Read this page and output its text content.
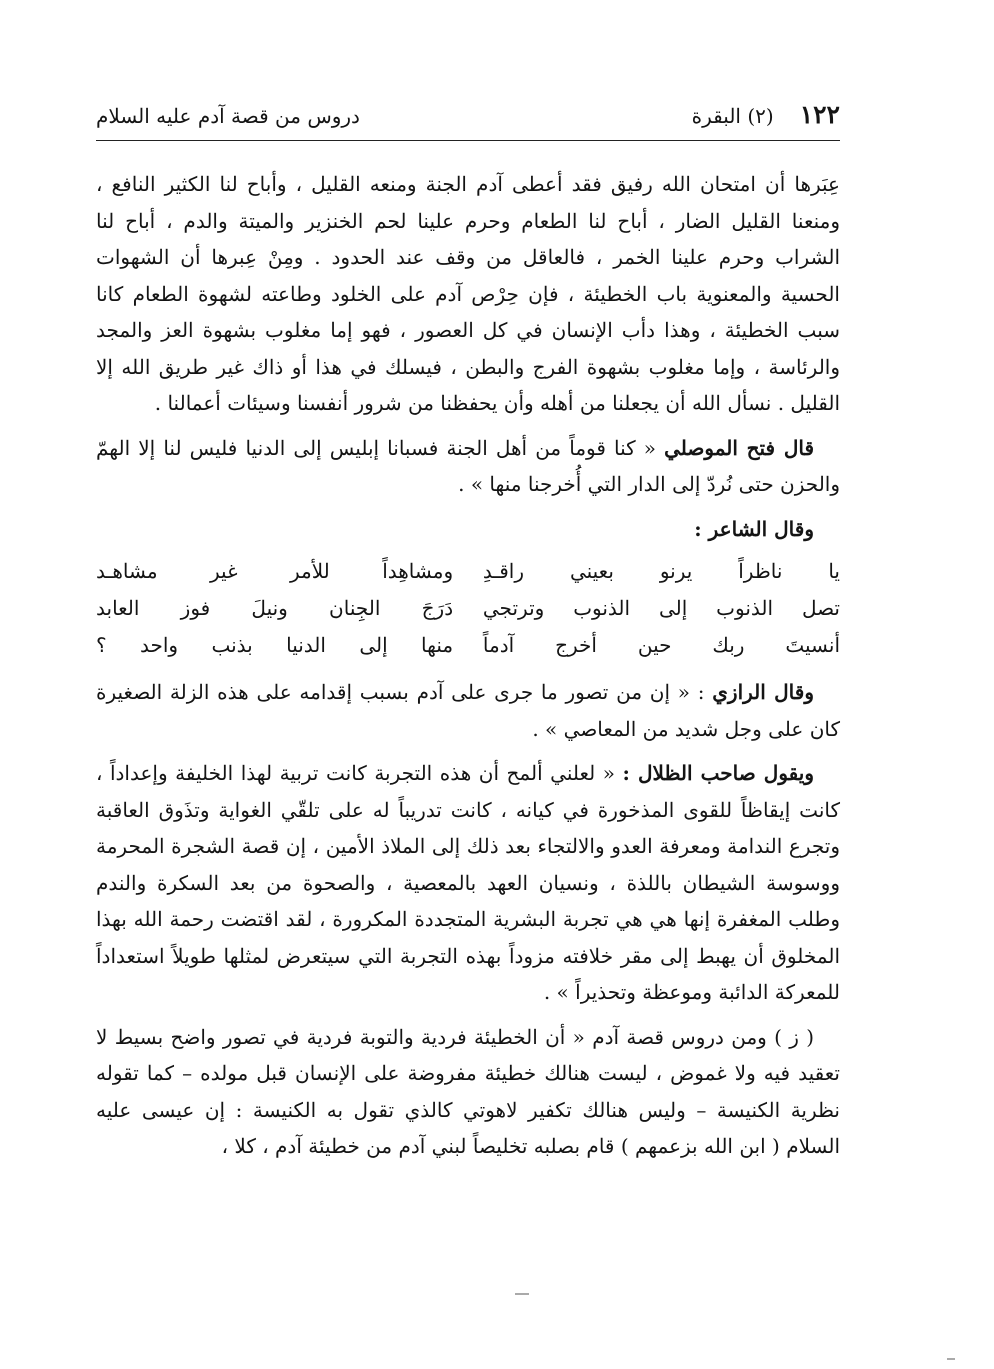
١٢٢
(٢) البقرة
دروس من قصة آدم عليه السلام

عِبَرها أن امتحان الله رفيق فقد أعطى آدم الجنة ومنعه القليل ، وأباح لنا الكثير النافع ، ومنعنا القليل الضار ، أباح لنا الطعام وحرم علينا لحم الخنزير والميتة والدم ، أباح لنا الشراب وحرم علينا الخمر ، فالعاقل من وقف عند الحدود . ومِنْ عِبرها أن الشهوات الحسية والمعنوية باب الخطيئة ، فإن حِرْص آدم على الخلود وطاعته لشهوة الطعام كانا سبب الخطيئة ، وهذا دأب الإنسان في كل العصور ، فهو إما مغلوب بشهوة العز والمجد والرئاسة ، وإما مغلوب بشهوة الفرج والبطن ، فيسلك في هذا أو ذاك غير طريق الله إلا القليل . نسأل الله أن يجعلنا من أهله وأن يحفظنا من شرور أنفسنا وسيئات أعمالنا .

قال فتح الموصلي « كنا قوماً من أهل الجنة فسبانا إبليس إلى الدنيا فليس لنا إلا الهمّ والحزن حتى نُردّ إلى الدار التي أُخرجنا منها » .

وقال الشاعر :

يا ناظراً يرنو بعيني راقـدِ
ومشاهِداً للأمر غير مشاهـد
تصل الذنوب إلى الذنوب وترتجي
دَرَجَ الجِنان ونيلَ فوز العابد
أنسيتَ ربك حين أخرج آدماً
منها إلى الدنيا بذنب واحد ؟

وقال الرازي : « إن من تصور ما جرى على آدم بسبب إقدامه على هذه الزلة الصغيرة كان على وجل شديد من المعاصي » .

ويقول صاحب الظلال : « لعلني ألمح أن هذه التجربة كانت تربية لهذا الخليفة وإعداداً ، كانت إيقاظاً للقوى المذخورة في كيانه ، كانت تدريباً له على تلقّي الغواية وتذَوق العاقبة وتجرع الندامة ومعرفة العدو والالتجاء بعد ذلك إلى الملاذ الأمين ، إن قصة الشجرة المحرمة ووسوسة الشيطان باللذة ، ونسيان العهد بالمعصية ، والصحوة من بعد السكرة والندم وطلب المغفرة إنها هي هي تجربة البشرية المتجددة المكرورة ، لقد اقتضت رحمة الله بهذا المخلوق أن يهبط إلى مقر خلافته مزوداً بهذه التجربة التي سيتعرض لمثلها طويلاً استعداداً للمعركة الدائبة وموعظة وتحذيراً » .

( ز ) ومن دروس قصة آدم « أن الخطيئة فردية والتوبة فردية في تصور واضح بسيط لا تعقيد فيه ولا غموض ، ليست هنالك خطيئة مفروضة على الإنسان قبل مولده – كما تقوله نظرية الكنيسة – وليس هنالك تكفير لاهوتي كالذي تقول به الكنيسة : إن عيسى عليه السلام ( ابن الله بزعمهم ) قام بصلبه تخليصاً لبني آدم من خطيئة آدم ، كلا ،
